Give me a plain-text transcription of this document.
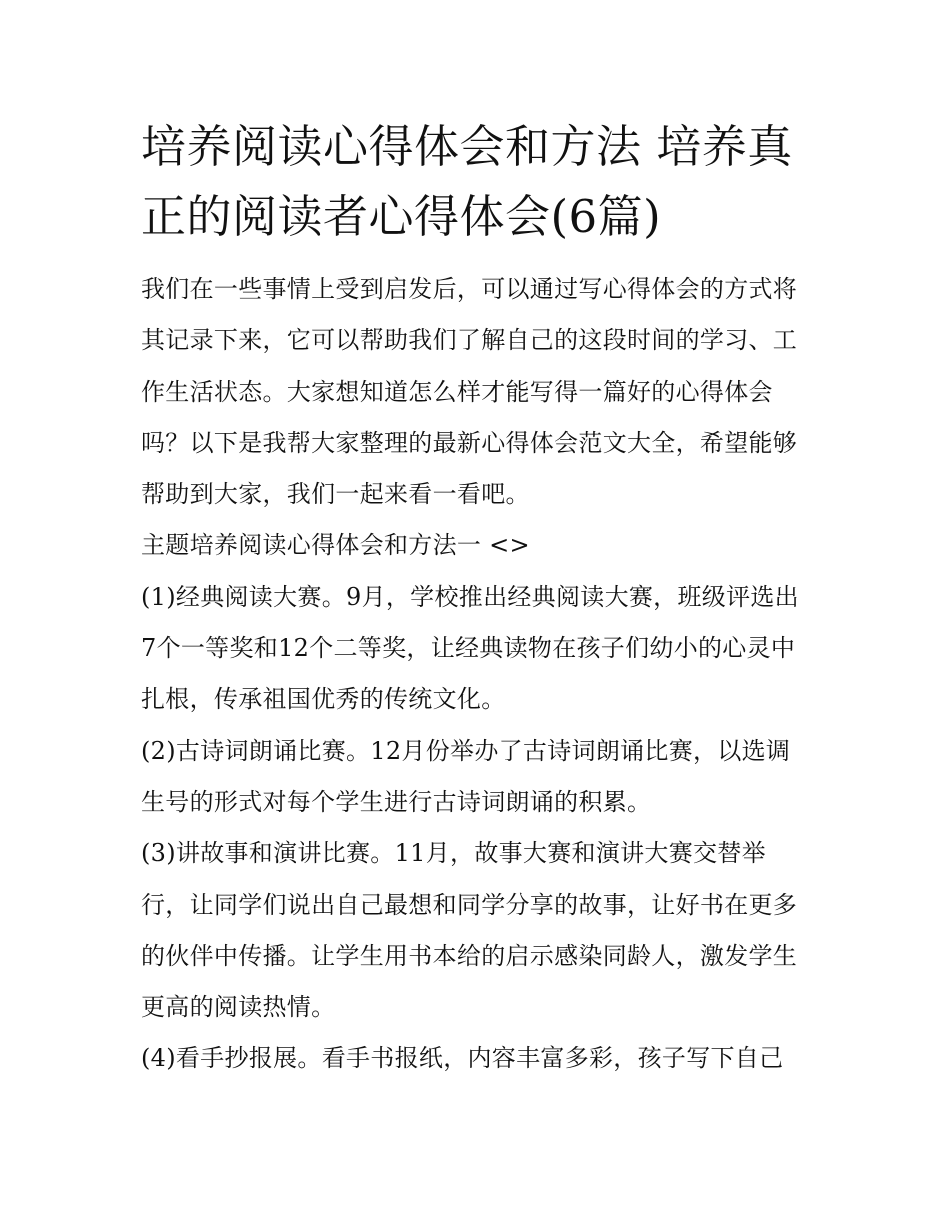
培养阅读心得体会和方法 培养真正的阅读者心得体会(6篇)

我们在一些事情上受到启发后，可以通过写心得体会的方式将其记录下来，它可以帮助我们了解自己的这段时间的学习、工作生活状态。大家想知道怎么样才能写得一篇好的心得体会吗？以下是我帮大家整理的最新心得体会范文大全，希望能够帮助到大家，我们一起来看一看吧。

主题培养阅读心得体会和方法一 <>

(1)经典阅读大赛。9月，学校推出经典阅读大赛，班级评选出7个一等奖和12个二等奖，让经典读物在孩子们幼小的心灵中扎根，传承祖国优秀的传统文化。

(2)古诗词朗诵比赛。12月份举办了古诗词朗诵比赛，以选调生号的形式对每个学生进行古诗词朗诵的积累。

(3)讲故事和演讲比赛。11月，故事大赛和演讲大赛交替举行，让同学们说出自己最想和同学分享的故事，让好书在更多的伙伴中传播。让学生用书本给的启示感染同龄人，激发学生更高的阅读热情。

(4)看手抄报展。看手书报纸，内容丰富多彩，孩子写下自己
